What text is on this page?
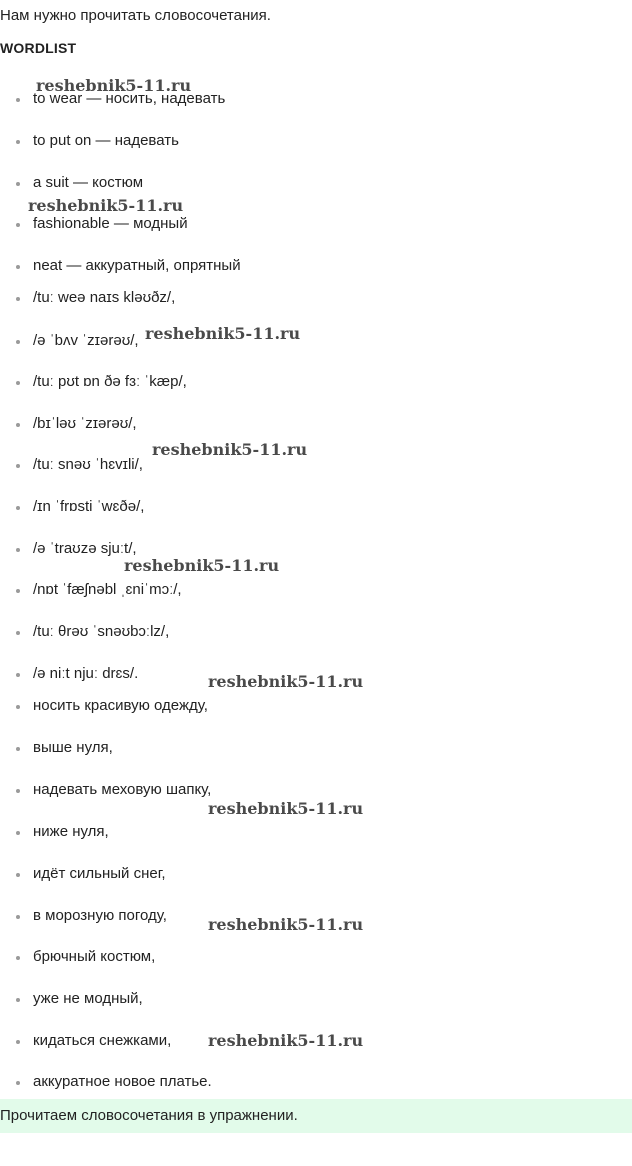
Нам нужно прочитать словосочетания.
WORDLIST
to wear — носить, надевать
to put on — надевать
a suit — костюм
fashionable — модный
neat — аккуратный, опрятный
/tuː weə naɪs kləʊðz/,
/ə ˈbʌv ˈzɪərəʊ/,
/tuː pʊt ɒn ðə fɜː ˈkæp/,
/bɪˈləʊ ˈzɪərəʊ/,
/tuː snəʊ ˈhɛvɪli/,
/ɪn ˈfrɒsti ˈwɛðə/,
/ə ˈtraʊzə sjuːt/,
/nɒt ˈfæʃnəbl ˌɛniˈmɔː/,
/tuː θrəʊ ˈsnəʊbɔːlz/,
/ə niːt njuː drɛs/.
носить красивую одежду,
выше нуля,
надевать меховую шапку,
ниже нуля,
идёт сильный снег,
в морозную погоду,
брючный костюм,
уже не модный,
кидаться снежками,
аккуратное новое платье.
reshebnik5-11.ru
reshebnik5-11.ru
reshebnik5-11.ru
reshebnik5-11.ru
reshebnik5-11.ru
reshebnik5-11.ru
reshebnik5-11.ru
reshebnik5-11.ru
reshebnik5-11.ru
Прочитаем словосочетания в упражнении.
